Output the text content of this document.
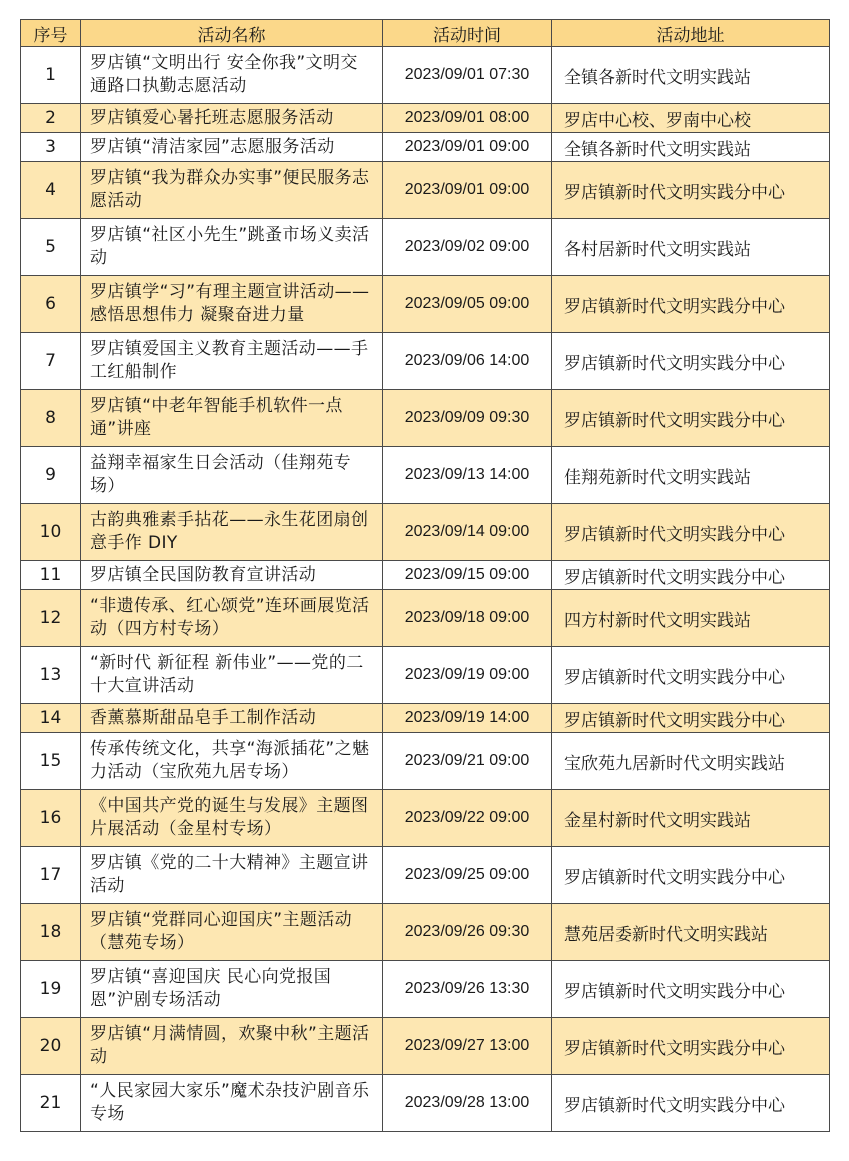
序号	活动名称	活动时间	活动地址
1	罗店镇“文明出行 安全你我”文明交通路口执勤志愿活动	2023/09/01 07:30	全镇各新时代文明实践站
2	罗店镇爱心暑托班志愿服务活动	2023/09/01 08:00	罗店中心校、罗南中心校
3	罗店镇“清洁家园”志愿服务活动	2023/09/01 09:00	全镇各新时代文明实践站
4	罗店镇“我为群众办实事”便民服务志愿活动	2023/09/01 09:00	罗店镇新时代文明实践分中心
5	罗店镇“社区小先生”跳蚤市场义卖活动	2023/09/02 09:00	各村居新时代文明实践站
6	罗店镇学“习”有理主题宣讲活动——感悟思想伟力 凝聚奋进力量	2023/09/05 09:00	罗店镇新时代文明实践分中心
7	罗店镇爱国主义教育主题活动——手工红船制作	2023/09/06 14:00	罗店镇新时代文明实践分中心
8	罗店镇“中老年智能手机软件一点通”讲座	2023/09/09 09:30	罗店镇新时代文明实践分中心
9	益翔幸福家生日会活动（佳翔苑专场）	2023/09/13 14:00	佳翔苑新时代文明实践站
10	古韵典雅素手拈花——永生花团扇创意手作 DIY	2023/09/14 09:00	罗店镇新时代文明实践分中心
11	罗店镇全民国防教育宣讲活动	2023/09/15 09:00	罗店镇新时代文明实践分中心
12	“非遗传承、红心颂党”连环画展览活动（四方村专场）	2023/09/18 09:00	四方村新时代文明实践站
13	“新时代 新征程 新伟业”——党的二十大宣讲活动	2023/09/19 09:00	罗店镇新时代文明实践分中心
14	香薰慕斯甜品皂手工制作活动	2023/09/19 14:00	罗店镇新时代文明实践分中心
15	传承传统文化，共享“海派插花”之魅力活动（宝欣苑九居专场）	2023/09/21 09:00	宝欣苑九居新时代文明实践站
16	《中国共产党的诞生与发展》主题图片展活动（金星村专场）	2023/09/22 09:00	金星村新时代文明实践站
17	罗店镇《党的二十大精神》主题宣讲活动	2023/09/25 09:00	罗店镇新时代文明实践分中心
18	罗店镇“党群同心迎国庆”主题活动（慧苑专场）	2023/09/26 09:30	慧苑居委新时代文明实践站
19	罗店镇“喜迎国庆 民心向党报国恩”沪剧专场活动	2023/09/26 13:30	罗店镇新时代文明实践分中心
20	罗店镇“月满情圆，欢聚中秋”主题活动	2023/09/27 13:00	罗店镇新时代文明实践分中心
21	“人民家园大家乐”魔术杂技沪剧音乐专场	2023/09/28 13:00	罗店镇新时代文明实践分中心
